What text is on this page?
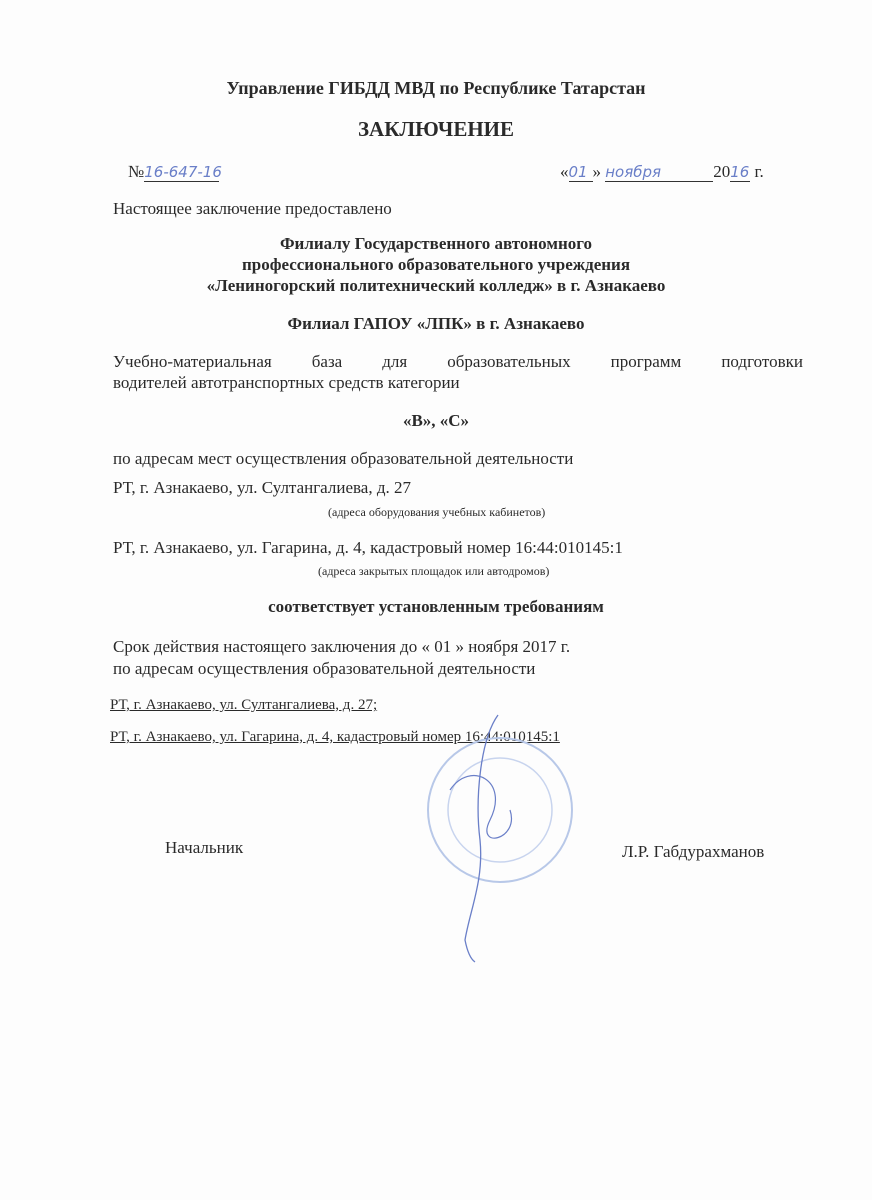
Управление ГИБДД МВД по Республике Татарстан
ЗАКЛЮЧЕНИЕ
№16-647-16	«01 » ноября	2016 г.
Настоящее заключение предоставлено
Филиалу Государственного автономного
профессионального образовательного учреждения
«Лениногорский политехнический колледж» в г. Азнакаево
Филиал ГАПОУ «ЛПК» в г. Азнакаево
Учебно-материальная база для образовательных программ подготовки
водителей автотранспортных средств категории
«В», «С»
по адресам мест осуществления образовательной деятельности
РТ, г. Азнакаево, ул. Султангалиева, д. 27
(адреса оборудования учебных кабинетов)
РТ, г. Азнакаево, ул. Гагарина, д. 4, кадастровый номер 16:44:010145:1
(адреса закрытых площадок или автодромов)
соответствует установленным требованиям
Срок действия настоящего заключения до « 01 » ноября 2017 г.
по адресам осуществления образовательной деятельности
РТ, г. Азнакаево, ул. Султангалиева, д. 27;
РТ, г. Азнакаево, ул. Гагарина, д. 4, кадастровый номер 16:44:010145:1
Начальник	Л.Р. Габдурахманов
